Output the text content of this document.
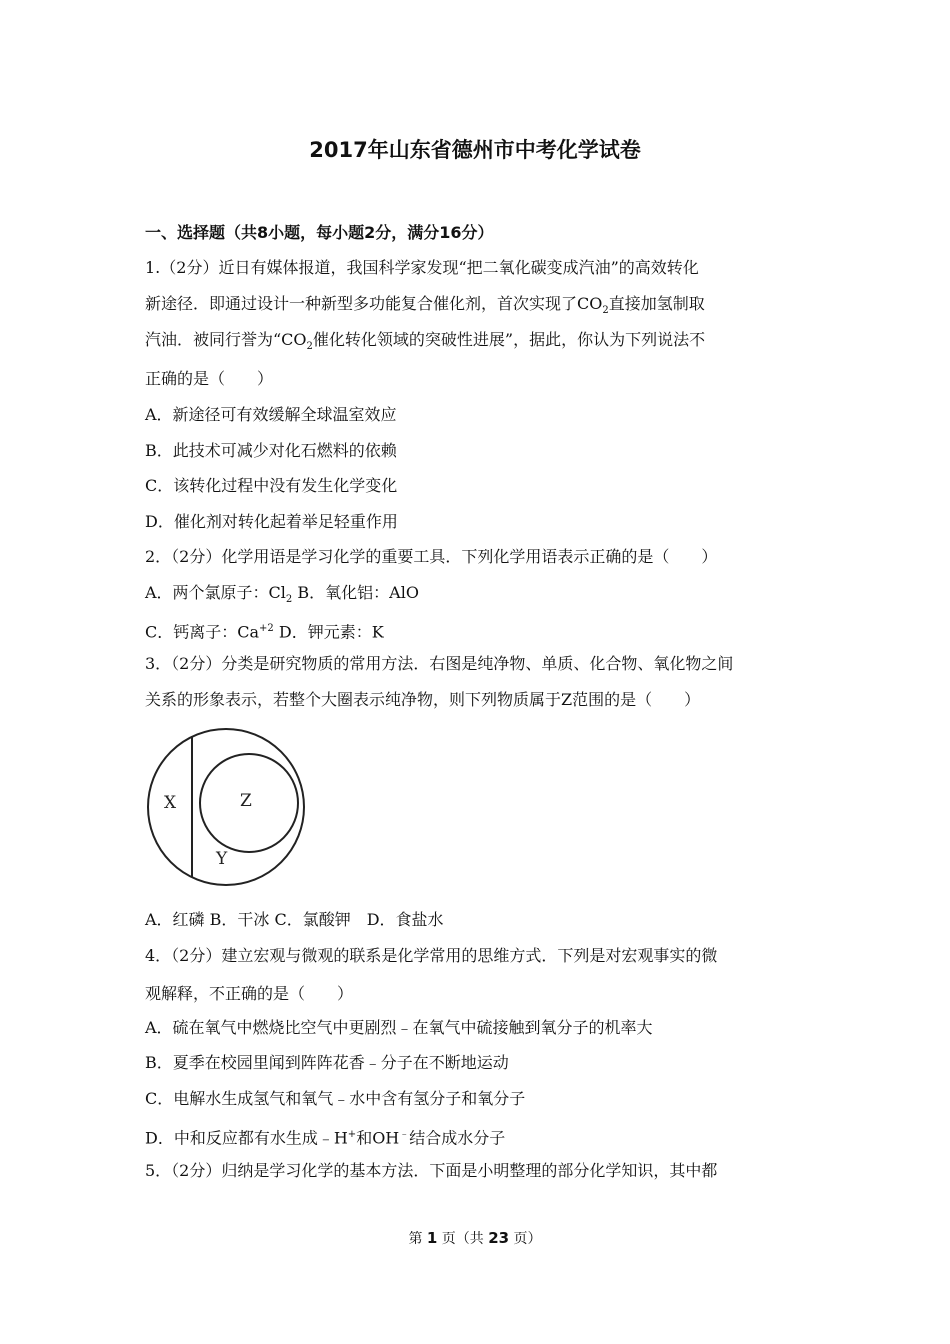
2017年山东省德州市中考化学试卷
一、选择题（共8小题，每小题2分，满分16分）
1.（2分）近日有媒体报道，我国科学家发现“把二氧化碳变成汽油”的高效转化
新途径．即通过设计一种新型多功能复合催化剂，首次实现了$CO_2$直接加氢制取
汽油．被同行誉为“$CO_2$催化转化领域的突破性进展”，据此，你认为下列说法不
正确的是（　　）
A．新途径可有效缓解全球温室效应
B．此技术可减少对化石燃料的依赖
C．该转化过程中没有发生化学变化
D．催化剂对转化起着举足轻重作用
2．（2分）化学用语是学习化学的重要工具．下列化学用语表示正确的是（　　）
A．两个氯原子：$Cl_2$ B．氧化铝：AlO
C．钙离子：$Ca^{+2}$ D．钾元素：K
3．（2分）分类是研究物质的常用方法．右图是纯净物、单质、化合物、氧化物之间
关系的形象表示，若整个大圈表示纯净物，则下列物质属于Z范围的是（　　）
X	Z
Y
A．红磷 B．干冰 C．氯酸钾　D．食盐水
4．（2分）建立宏观与微观的联系是化学常用的思维方式．下列是对宏观事实的微
观解释，不正确的是（　　）
A．硫在氧气中燃烧比空气中更剧烈﹣在氧气中硫接触到氧分子的机率大
B．夏季在校园里闻到阵阵花香﹣分子在不断地运动
C．电解水生成氢气和氧气﹣水中含有氢分子和氧分子
D．中和反应都有水生成﹣H+和OH﹣结合成水分子
5．（2分）归纳是学习化学的基本方法．下面是小明整理的部分化学知识，其中都
第 1 页（共 23 页）
